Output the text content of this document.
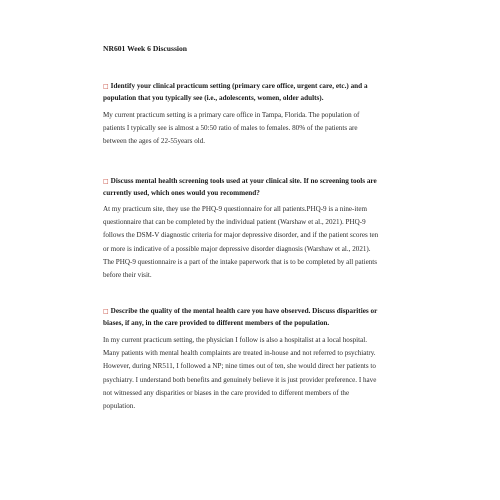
NR601 Week 6 Discussion

□ Identify your clinical practicum setting (primary care office, urgent care, etc.) and a
population that you typically see (i.e., adolescents, women, older adults).

My current practicum setting is a primary care office in Tampa, Florida. The population of
patients I typically see is almost a 50:50 ratio of males to females. 80% of the patients are
between the ages of 22-55years old.

□ Discuss mental health screening tools used at your clinical site. If no screening tools are
currently used, which ones would you recommend?

At my practicum site, they use the PHQ-9 questionnaire for all patients.PHQ-9 is a nine-item
questionnaire that can be completed by the individual patient (Warshaw et al., 2021). PHQ-9
follows the DSM-V diagnostic criteria for major depressive disorder, and if the patient scores ten
or more is indicative of a possible major depressive disorder diagnosis (Warshaw et al., 2021).
The PHQ-9 questionnaire is a part of the intake paperwork that is to be completed by all patients
before their visit.

□ Describe the quality of the mental health care you have observed. Discuss disparities or
biases, if any, in the care provided to different members of the population.

In my current practicum setting, the physician I follow is also a hospitalist at a local hospital.
Many patients with mental health complaints are treated in-house and not referred to psychiatry.
However, during NR511, I followed a NP; nine times out of ten, she would direct her patients to
psychiatry. I understand both benefits and genuinely believe it is just provider preference. I have
not witnessed any disparities or biases in the care provided to different members of the
population.
